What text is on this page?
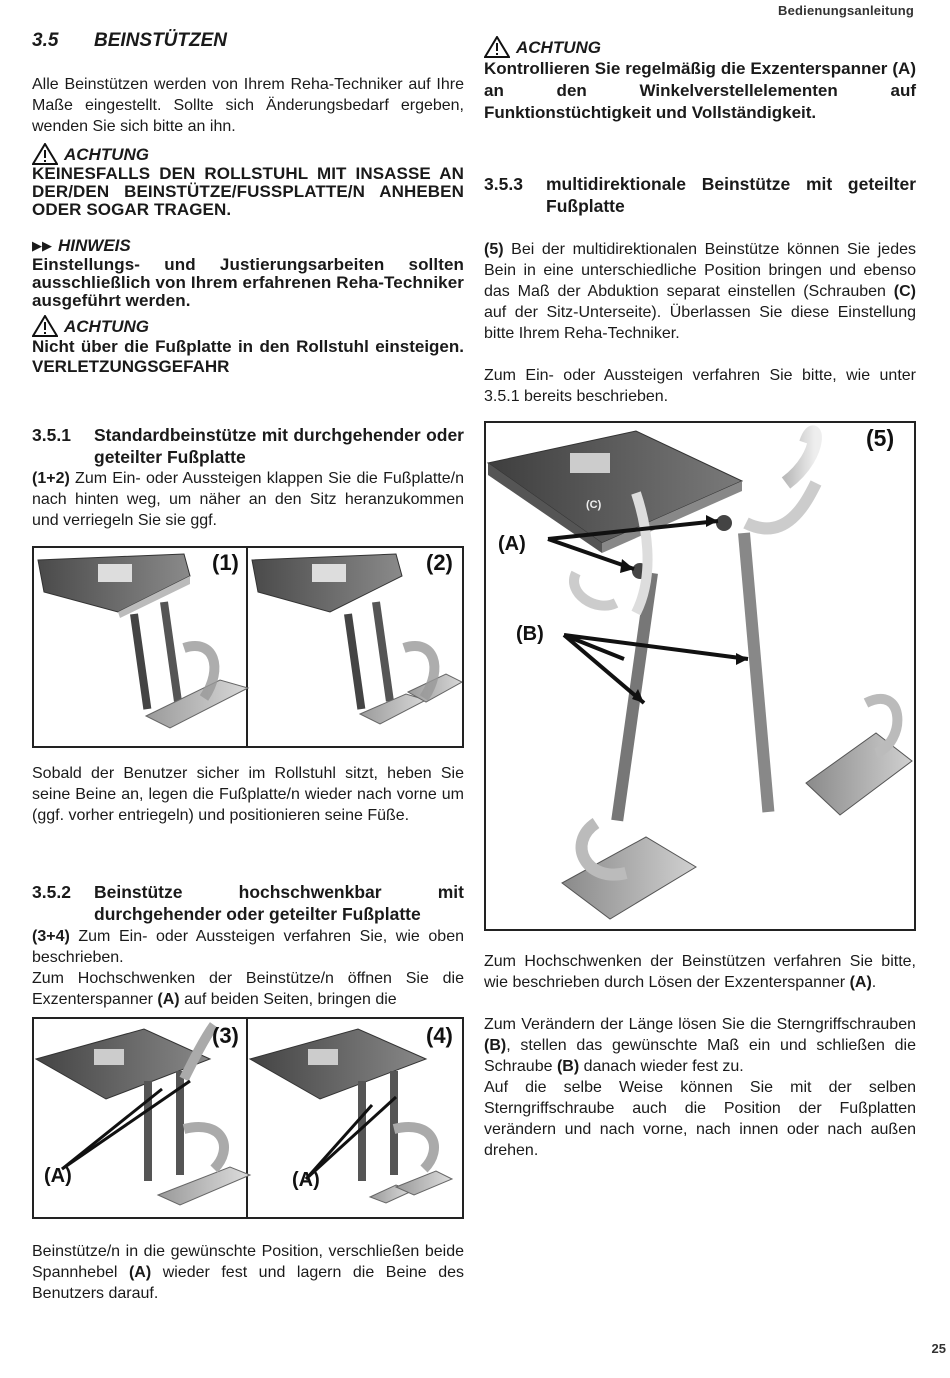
Bedienungsanleitung
3.5	BEINSTÜTZEN

Alle Beinstützen werden von Ihrem Reha-Techniker auf Ihre Maße eingestellt. Sollte sich Änderungsbedarf ergeben, wenden Sie sich bitte an ihn.

ACHTUNG
KEINESFALLS DEN ROLLSTUHL MIT INSASSE AN DER/DEN BEINSTÜTZE/FUSSPLATTE/N ANHEBEN ODER SOGAR TRAGEN.
▶▶ HINWEIS
Einstellungs- und Justierungsarbeiten sollten ausschließlich von Ihrem erfahrenen Reha-Techniker ausgeführt werden.
ACHTUNG
Nicht über die Fußplatte in den Rollstuhl einsteigen. VERLETZUNGSGEFAHR
3.5.1	Standardbeinstütze mit durchgehender oder geteilter Fußplatte

(1+2) Zum Ein- oder Aussteigen klappen Sie die Fußplatte/n nach hinten weg, um näher an den Sitz heranzukommen und verriegeln Sie sie ggf.

(1)	(2)

Sobald der Benutzer sicher im Rollstuhl sitzt, heben Sie seine Beine an, legen die Fußplatte/n wieder nach vorne um (ggf. vorher entriegeln) und positionieren seine Füße.

3.5.2	Beinstütze hochschwenkbar mit durchgehender oder geteilter Fußplatte

(3+4) Zum Ein- oder Aussteigen verfahren Sie, wie oben beschrieben.
Zum Hochschwenken der Beinstütze/n öffnen Sie die Exzenterspanner (A) auf beiden Seiten, bringen die

(3)	(4)
(A)	(A)

Beinstütze/n in die gewünschte Position, verschließen beide Spannhebel (A) wieder fest und lagern die Beine des Benutzers darauf.

ACHTUNG
Kontrollieren Sie regelmäßig die Exzenterspanner (A) an den Winkelverstellelementen auf Funktionstüchtigkeit und Vollständigkeit.
3.5.3	multidirektionale Beinstütze mit geteilter Fußplatte

(5) Bei der multidirektionalen Beinstütze können Sie jedes Bein in eine unterschiedliche Position bringen und ebenso das Maß der Abduktion separat einstellen (Schrauben (C) auf der Sitz-Unterseite). Überlassen Sie diese Einstellung bitte Ihrem Reha-Techniker.

Zum Ein- oder Aussteigen verfahren Sie bitte, wie unter 3.5.1 bereits beschrieben.

(5)
(A)
(B)
(C)

Zum Hochschwenken der Beinstützen verfahren Sie bitte, wie beschrieben durch Lösen der Exzenterspanner (A).

Zum Verändern der Länge lösen Sie die Sterngriffschrauben (B), stellen das gewünschte Maß ein und schließen die Schraube (B) danach wieder fest zu.

Auf die selbe Weise können Sie mit der selben Sterngriffschraube auch die Position der Fußplatten verändern und nach vorne, nach innen oder nach außen drehen.

25
